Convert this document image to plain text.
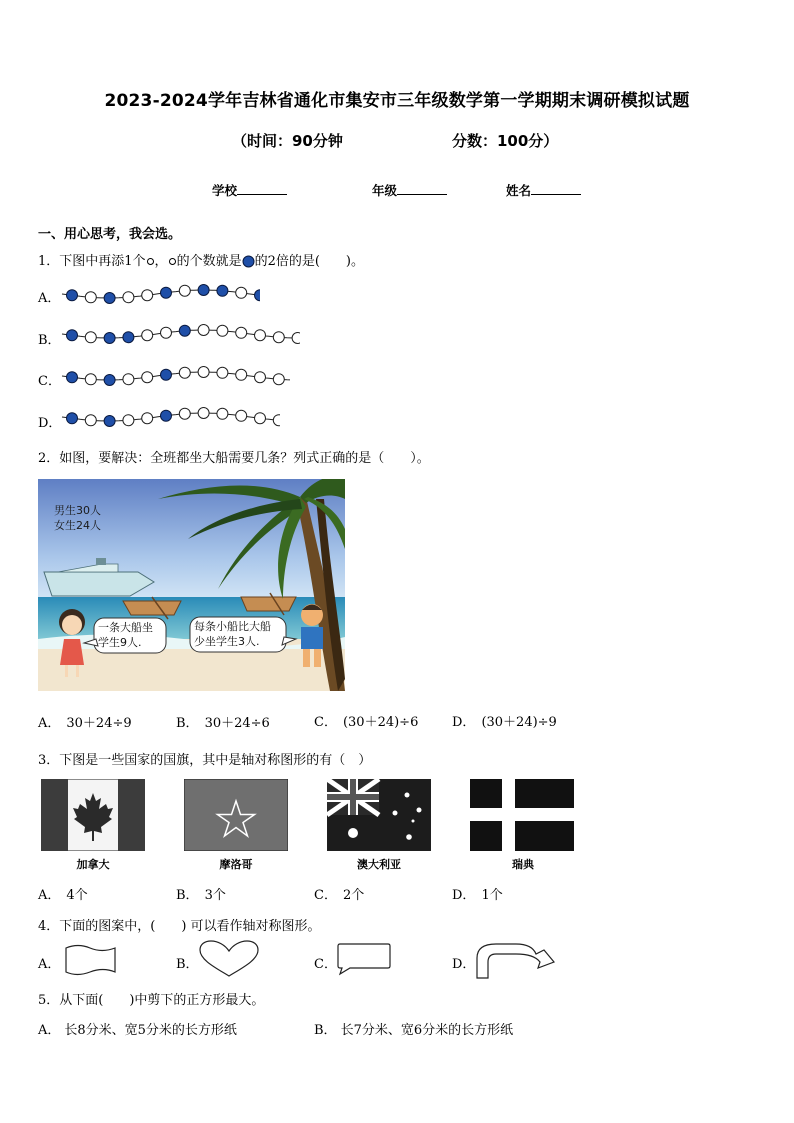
2023-2024学年吉林省通化市集安市三年级数学第一学期期末调研模拟试题
（时间：90分钟	分数：100分）
学校	年级	姓名
一、用心思考，我会选。
1．下图中再添1个 ， 的个数就是 的2倍的是(　　)。
A．
B．
C．
D．
2．如图，要解决：全班都坐大船需要几条？列式正确的是（　　）。
男生30人
女生24人
一条大船坐
学生9人.
每条小船比大船
少坐学生3人.
A． 30＋24÷9	B． 30＋24÷6	C． (30＋24)÷6	D． (30＋24)÷9
3．下图是一些国家的国旗，其中是轴对称图形的有（　）
加拿大	摩洛哥	澳大利亚	瑞典
A． 4个	B． 3个	C． 2个	D． 1个
4．下面的图案中，(　　) 可以看作轴对称图形。
A．	B．	C．	D．
5．从下面(　　)中剪下的正方形最大。
A． 长8分米、宽5分米的长方形纸	B． 长7分米、宽6分米的长方形纸
